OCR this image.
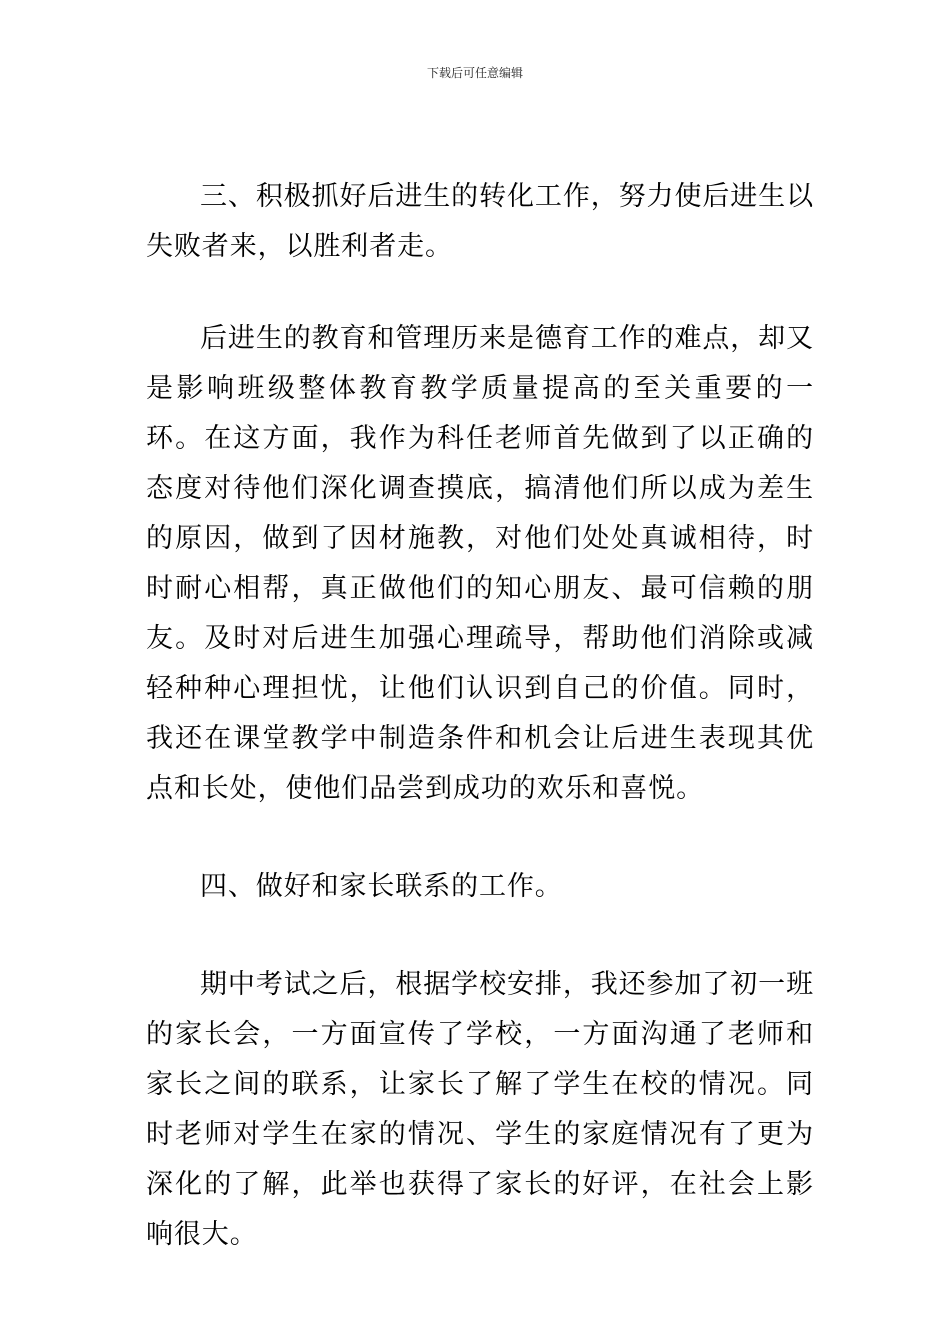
下载后可任意编辑

三、积极抓好后进生的转化工作，努力使后进生以失败者来，以胜利者走。

后进生的教育和管理历来是德育工作的难点，却又是影响班级整体教育教学质量提高的至关重要的一环。在这方面，我作为科任老师首先做到了以正确的态度对待他们深化调查摸底，搞清他们所以成为差生的原因，做到了因材施教，对他们处处真诚相待，时时耐心相帮，真正做他们的知心朋友、最可信赖的朋友。及时对后进生加强心理疏导，帮助他们消除或减轻种种心理担忧，让他们认识到自己的价值。同时，我还在课堂教学中制造条件和机会让后进生表现其优点和长处，使他们品尝到成功的欢乐和喜悦。

四、做好和家长联系的工作。

期中考试之后，根据学校安排，我还参加了初一班的家长会，一方面宣传了学校，一方面沟通了老师和家长之间的联系，让家长了解了学生在校的情况。同时老师对学生在家的情况、学生的家庭情况有了更为深化的了解，此举也获得了家长的好评，在社会上影响很大。
